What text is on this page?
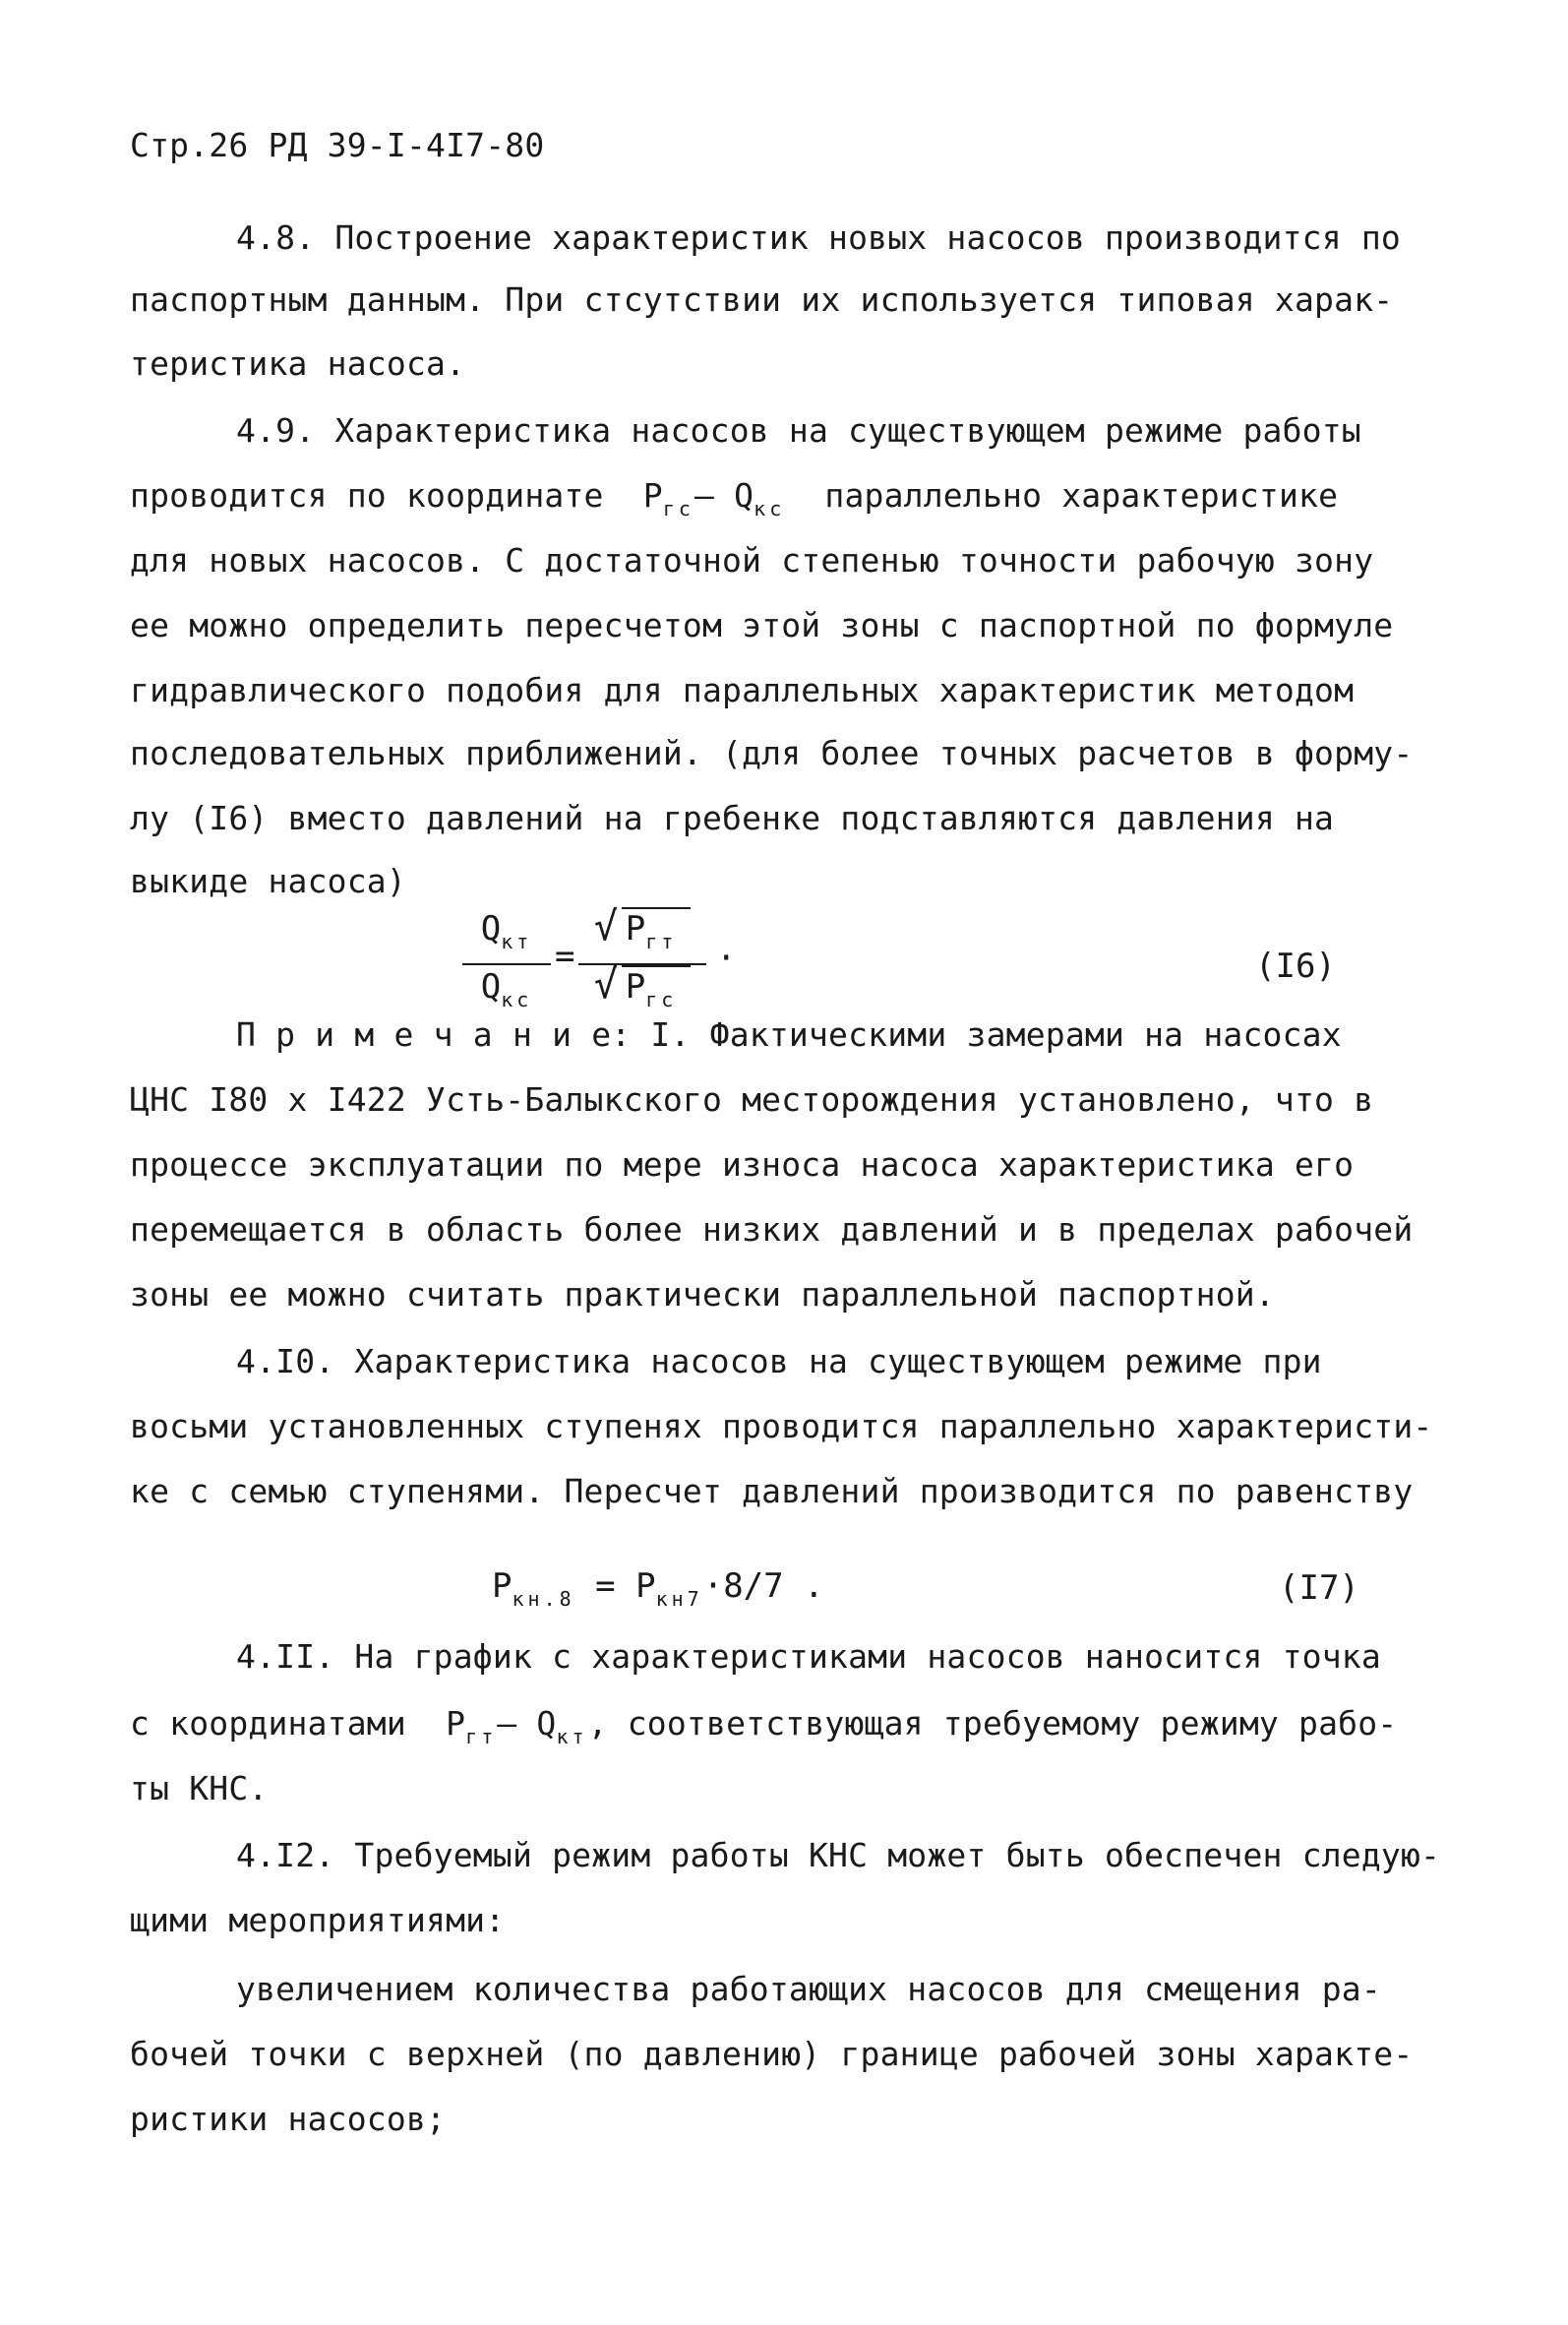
Стр.26 РД 39-I-4I7-80
4.8. Построение характеристик новых насосов производится по
паспортным данным. При стсутствии их используется типовая харак-
теристика насоса.
4.9. Характеристика насосов на существующем режиме работы
проводится по координате $Р_{гс}-$ $Q_{кс}$ параллельно характеристике
для новых насосов. С достаточной степенью точности рабочую зону
ее можно определить пересчетом этой зоны с паспортной по формуле
гидравлического подобия для параллельных характеристик методом
последовательных приближений. (для более точных расчетов в форму-
лу (I6) вместо давлений на гребенке подставляются давления на
выкиде насоса)
$Q_{кт}$
$Q_{кс}$
=
√ $Р_{гт}$
√ $Р_{гс}$
·	(I6)
П р и м е ч а н и е: I. Фактическими замерами на насосах
ЦНС I80 х I422 Усть-Балыкского месторождения установлено, что в
процессе эксплуатации по мере износа насоса характеристика его
перемещается в область более низких давлений и в пределах рабочей
зоны ее можно считать практически параллельной паспортной.
4.I0. Характеристика насосов на существующем режиме при
восьми установленных ступенях проводится параллельно характеристи-
ке с семью ступенями. Пересчет давлений производится по равенству
$Р_{кн.8} = Р_{кн7}\cdot 8/7$ .	(I7)
4.II. На график с характеристиками насосов наносится точка
с координатами $Р_{гт}-$ $Q_{кт}$, соответствующая требуемому режиму рабо-
ты КНС.
4.I2. Требуемый режим работы КНС может быть обеспечен следую-
щими мероприятиями:
увеличением количества работающих насосов для смещения ра-
бочей точки с верхней (по давлению) границе рабочей зоны характе-
ристики насосов;
